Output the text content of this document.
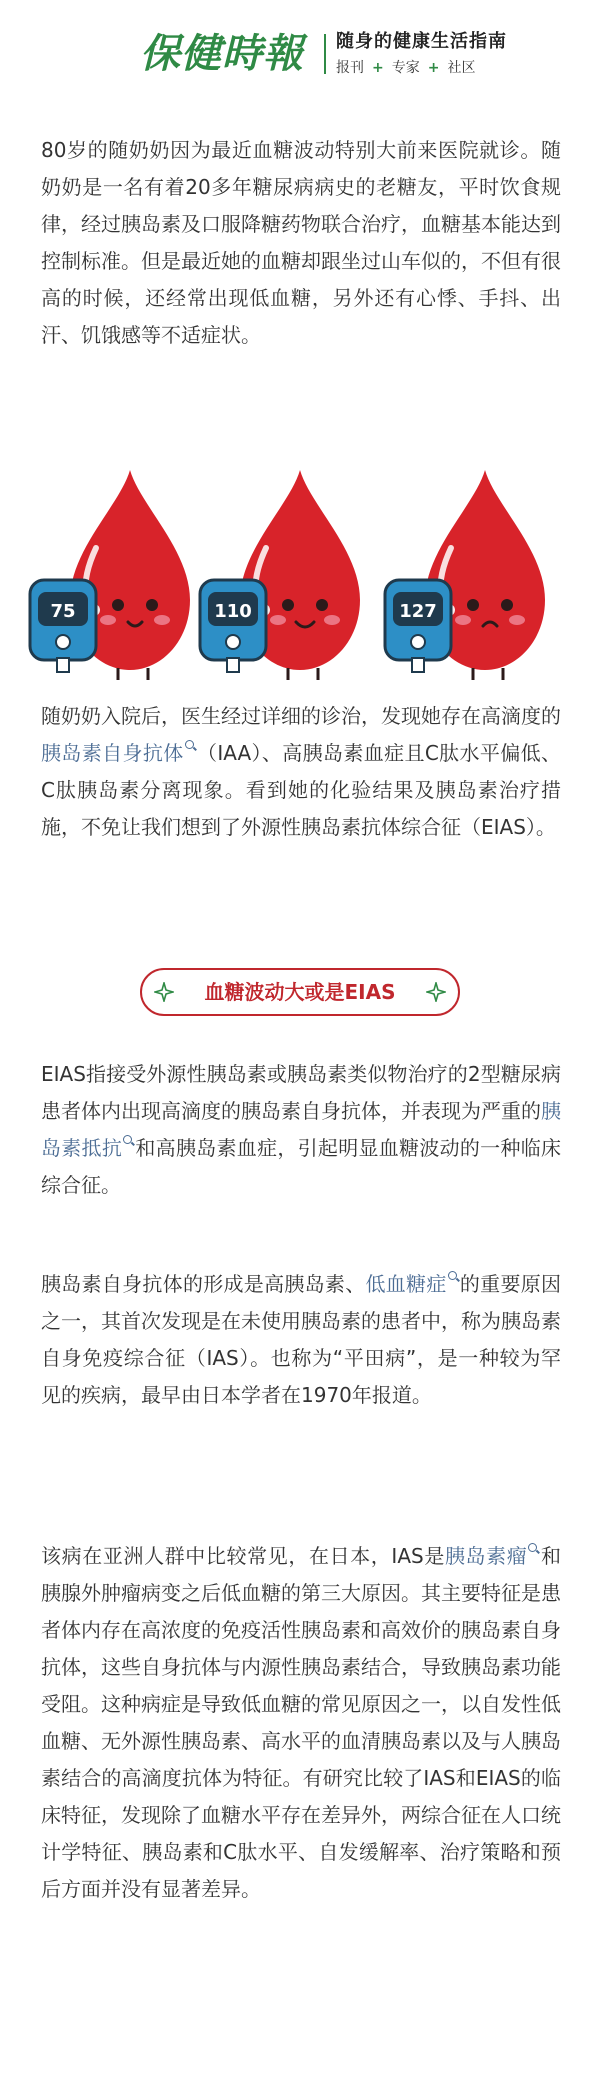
保健時報	随身的健康生活指南
报刊 + 专家 + 社区

80岁的随奶奶因为最近血糖波动特别大前来医院就诊。随奶奶是一名有着20多年糖尿病病史的老糖友，平时饮食规律，经过胰岛素及口服降糖药物联合治疗，血糖基本能达到控制标准。但是最近她的血糖却跟坐过山车似的，不但有很高的时候，还经常出现低血糖，另外还有心悸、手抖、出汗、饥饿感等不适症状。

75	110	127

随奶奶入院后，医生经过详细的诊治，发现她存在高滴度的胰岛素自身抗体 （IAA）、高胰岛素血症且C肽水平偏低、C肽胰岛素分离现象。看到她的化验结果及胰岛素治疗措施，不免让我们想到了外源性胰岛素抗体综合征（EIAS）。

血糖波动大或是EIAS

EIAS指接受外源性胰岛素或胰岛素类似物治疗的2型糖尿病患者体内出现高滴度的胰岛素自身抗体，并表现为严重的胰岛素抵抗 和高胰岛素血症，引起明显血糖波动的一种临床综合征。

胰岛素自身抗体的形成是高胰岛素、低血糖症 的重要原因之一，其首次发现是在未使用胰岛素的患者中，称为胰岛素自身免疫综合征（IAS）。也称为“平田病”，是一种较为罕见的疾病，最早由日本学者在1970年报道。

该病在亚洲人群中比较常见，在日本，IAS是胰岛素瘤 和胰腺外肿瘤病变之后低血糖的第三大原因。其主要特征是患者体内存在高浓度的免疫活性胰岛素和高效价的胰岛素自身抗体，这些自身抗体与内源性胰岛素结合，导致胰岛素功能受阻。这种病症是导致低血糖的常见原因之一，以自发性低血糖、无外源性胰岛素、高水平的血清胰岛素以及与人胰岛素结合的高滴度抗体为特征。有研究比较了IAS和EIAS的临床特征，发现除了血糖水平存在差异外，两综合征在人口统计学特征、胰岛素和C肽水平、自发缓解率、治疗策略和预后方面并没有显著差异。
